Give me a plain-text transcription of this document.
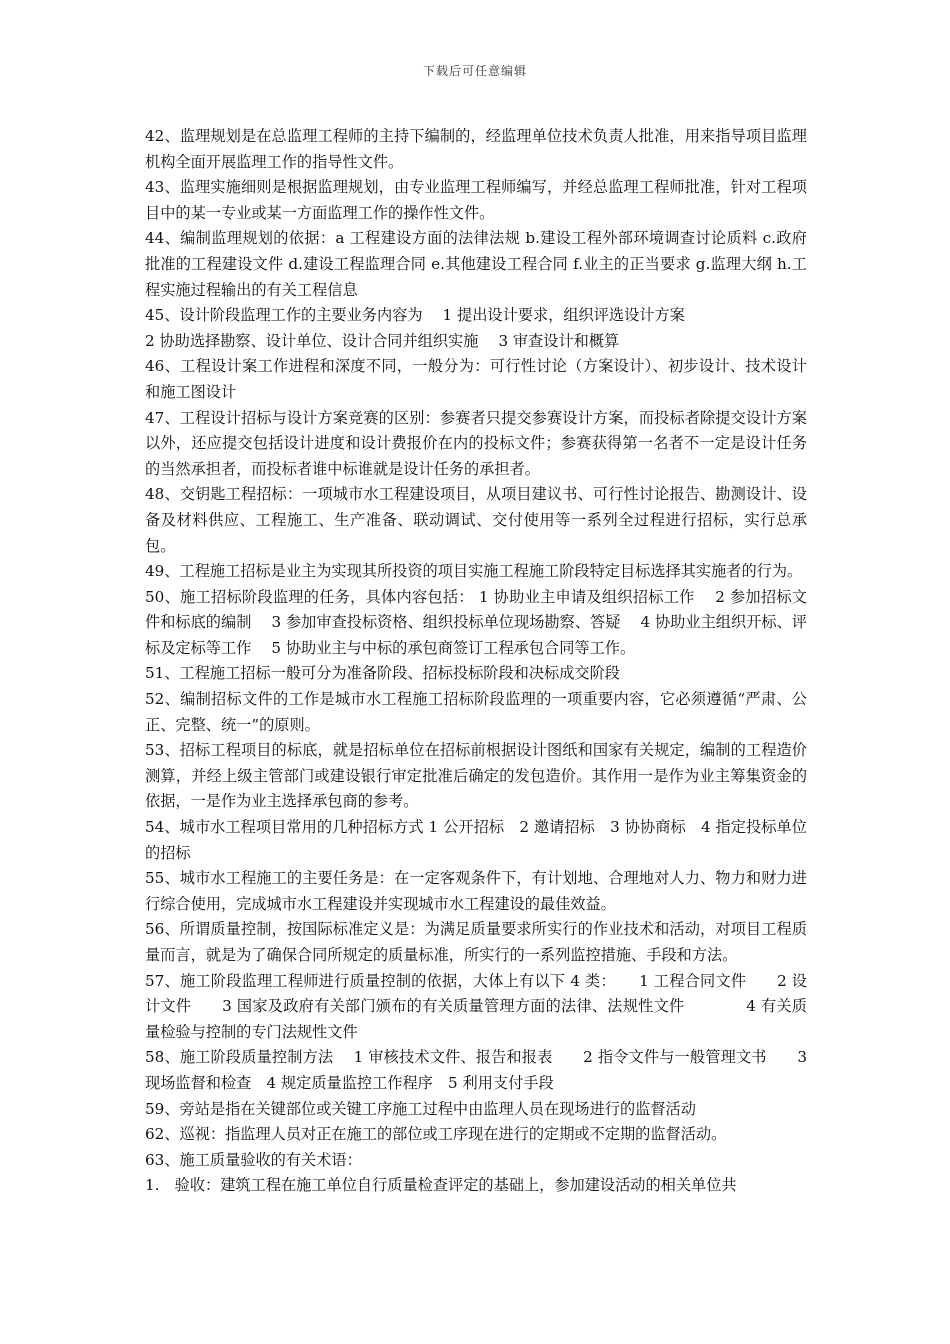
下载后可任意编辑

42、监理规划是在总监理工程师的主持下编制的，经监理单位技术负责人批准，用来指导项目监理机构全面开展监理工作的指导性文件。

43、监理实施细则是根据监理规划，由专业监理工程师编写，并经总监理工程师批准，针对工程项目中的某一专业或某一方面监理工作的操作性文件。

44、编制监理规划的依据：a 工程建设方面的法律法规 b.建设工程外部环境调查讨论质料 c.政府批准的工程建设文件 d.建设工程监理合同 e.其他建设工程合同 f.业主的正当要求 g.监理大纲 h.工程实施过程输出的有关工程信息

45、设计阶段监理工作的主要业务内容为　 1 提出设计要求，组织评选设计方案

2 协助选择勘察、设计单位、设计合同并组织实施　 3 审查设计和概算

46、工程设计案工作进程和深度不同，一般分为：可行性讨论（方案设计）、初步设计、技术设计和施工图设计

47、工程设计招标与设计方案竞赛的区别：参赛者只提交参赛设计方案，而投标者除提交设计方案以外，还应提交包括设计进度和设计费报价在内的投标文件；参赛获得第一名者不一定是设计任务的当然承担者，而投标者谁中标谁就是设计任务的承担者。

48、交钥匙工程招标：一项城市水工程建设项目，从项目建议书、可行性讨论报告、勘测设计、设备及材料供应、工程施工、生产准备、联动调试、交付使用等一系列全过程进行招标，实行总承包。

49、工程施工招标是业主为实现其所投资的项目实施工程施工阶段特定目标选择其实施者的行为。

50、施工招标阶段监理的任务，具体内容包括： 1 协助业主申请及组织招标工作　 2 参加招标文件和标底的编制　 3 参加审查投标资格、组织投标单位现场勘察、答疑　 4 协助业主组织开标、评标及定标等工作　 5 协助业主与中标的承包商签订工程承包合同等工作。

51、工程施工招标一般可分为准备阶段、招标投标阶段和决标成交阶段

52、编制招标文件的工作是城市水工程施工招标阶段监理的一项重要内容，它必须遵循“严肃、公正、完整、统一”的原则。

53、招标工程项目的标底，就是招标单位在招标前根据设计图纸和国家有关规定，编制的工程造价测算，并经上级主管部门或建设银行审定批准后确定的发包造价。其作用一是作为业主筹集资金的依据，一是作为业主选择承包商的参考。

54、城市水工程项目常用的几种招标方式 1 公开招标　2 邀请招标　3 协协商标　4 指定投标单位的招标

55、城市水工程施工的主要任务是：在一定客观条件下，有计划地、合理地对人力、物力和财力进行综合使用，完成城市水工程建设并实现城市水工程建设的最佳效益。

56、所谓质量控制，按国际标准定义是：为满足质量要求所实行的作业技术和活动，对项目工程质量而言，就是为了确保合同所规定的质量标准，所实行的一系列监控措施、手段和方法。

57、施工阶段监理工程师进行质量控制的依据，大体上有以下 4 类：　　1 工程合同文件　　2 设计文件　　3 国家及政府有关部门颁布的有关质量管理方面的法律、法规性文件　　　　4 有关质量检验与控制的专门法规性文件

58、施工阶段质量控制方法　 1 审核技术文件、报告和报表　　2 指令文件与一般管理文书　　3 现场监督和检查　4 规定质量监控工作程序　5 利用支付手段

59、旁站是指在关键部位或关键工序施工过程中由监理人员在现场进行的监督活动

62、巡视：指监理人员对正在施工的部位或工序现在进行的定期或不定期的监督活动。

63、施工质量验收的有关术语：

1.　验收：建筑工程在施工单位自行质量检查评定的基础上，参加建设活动的相关单位共
